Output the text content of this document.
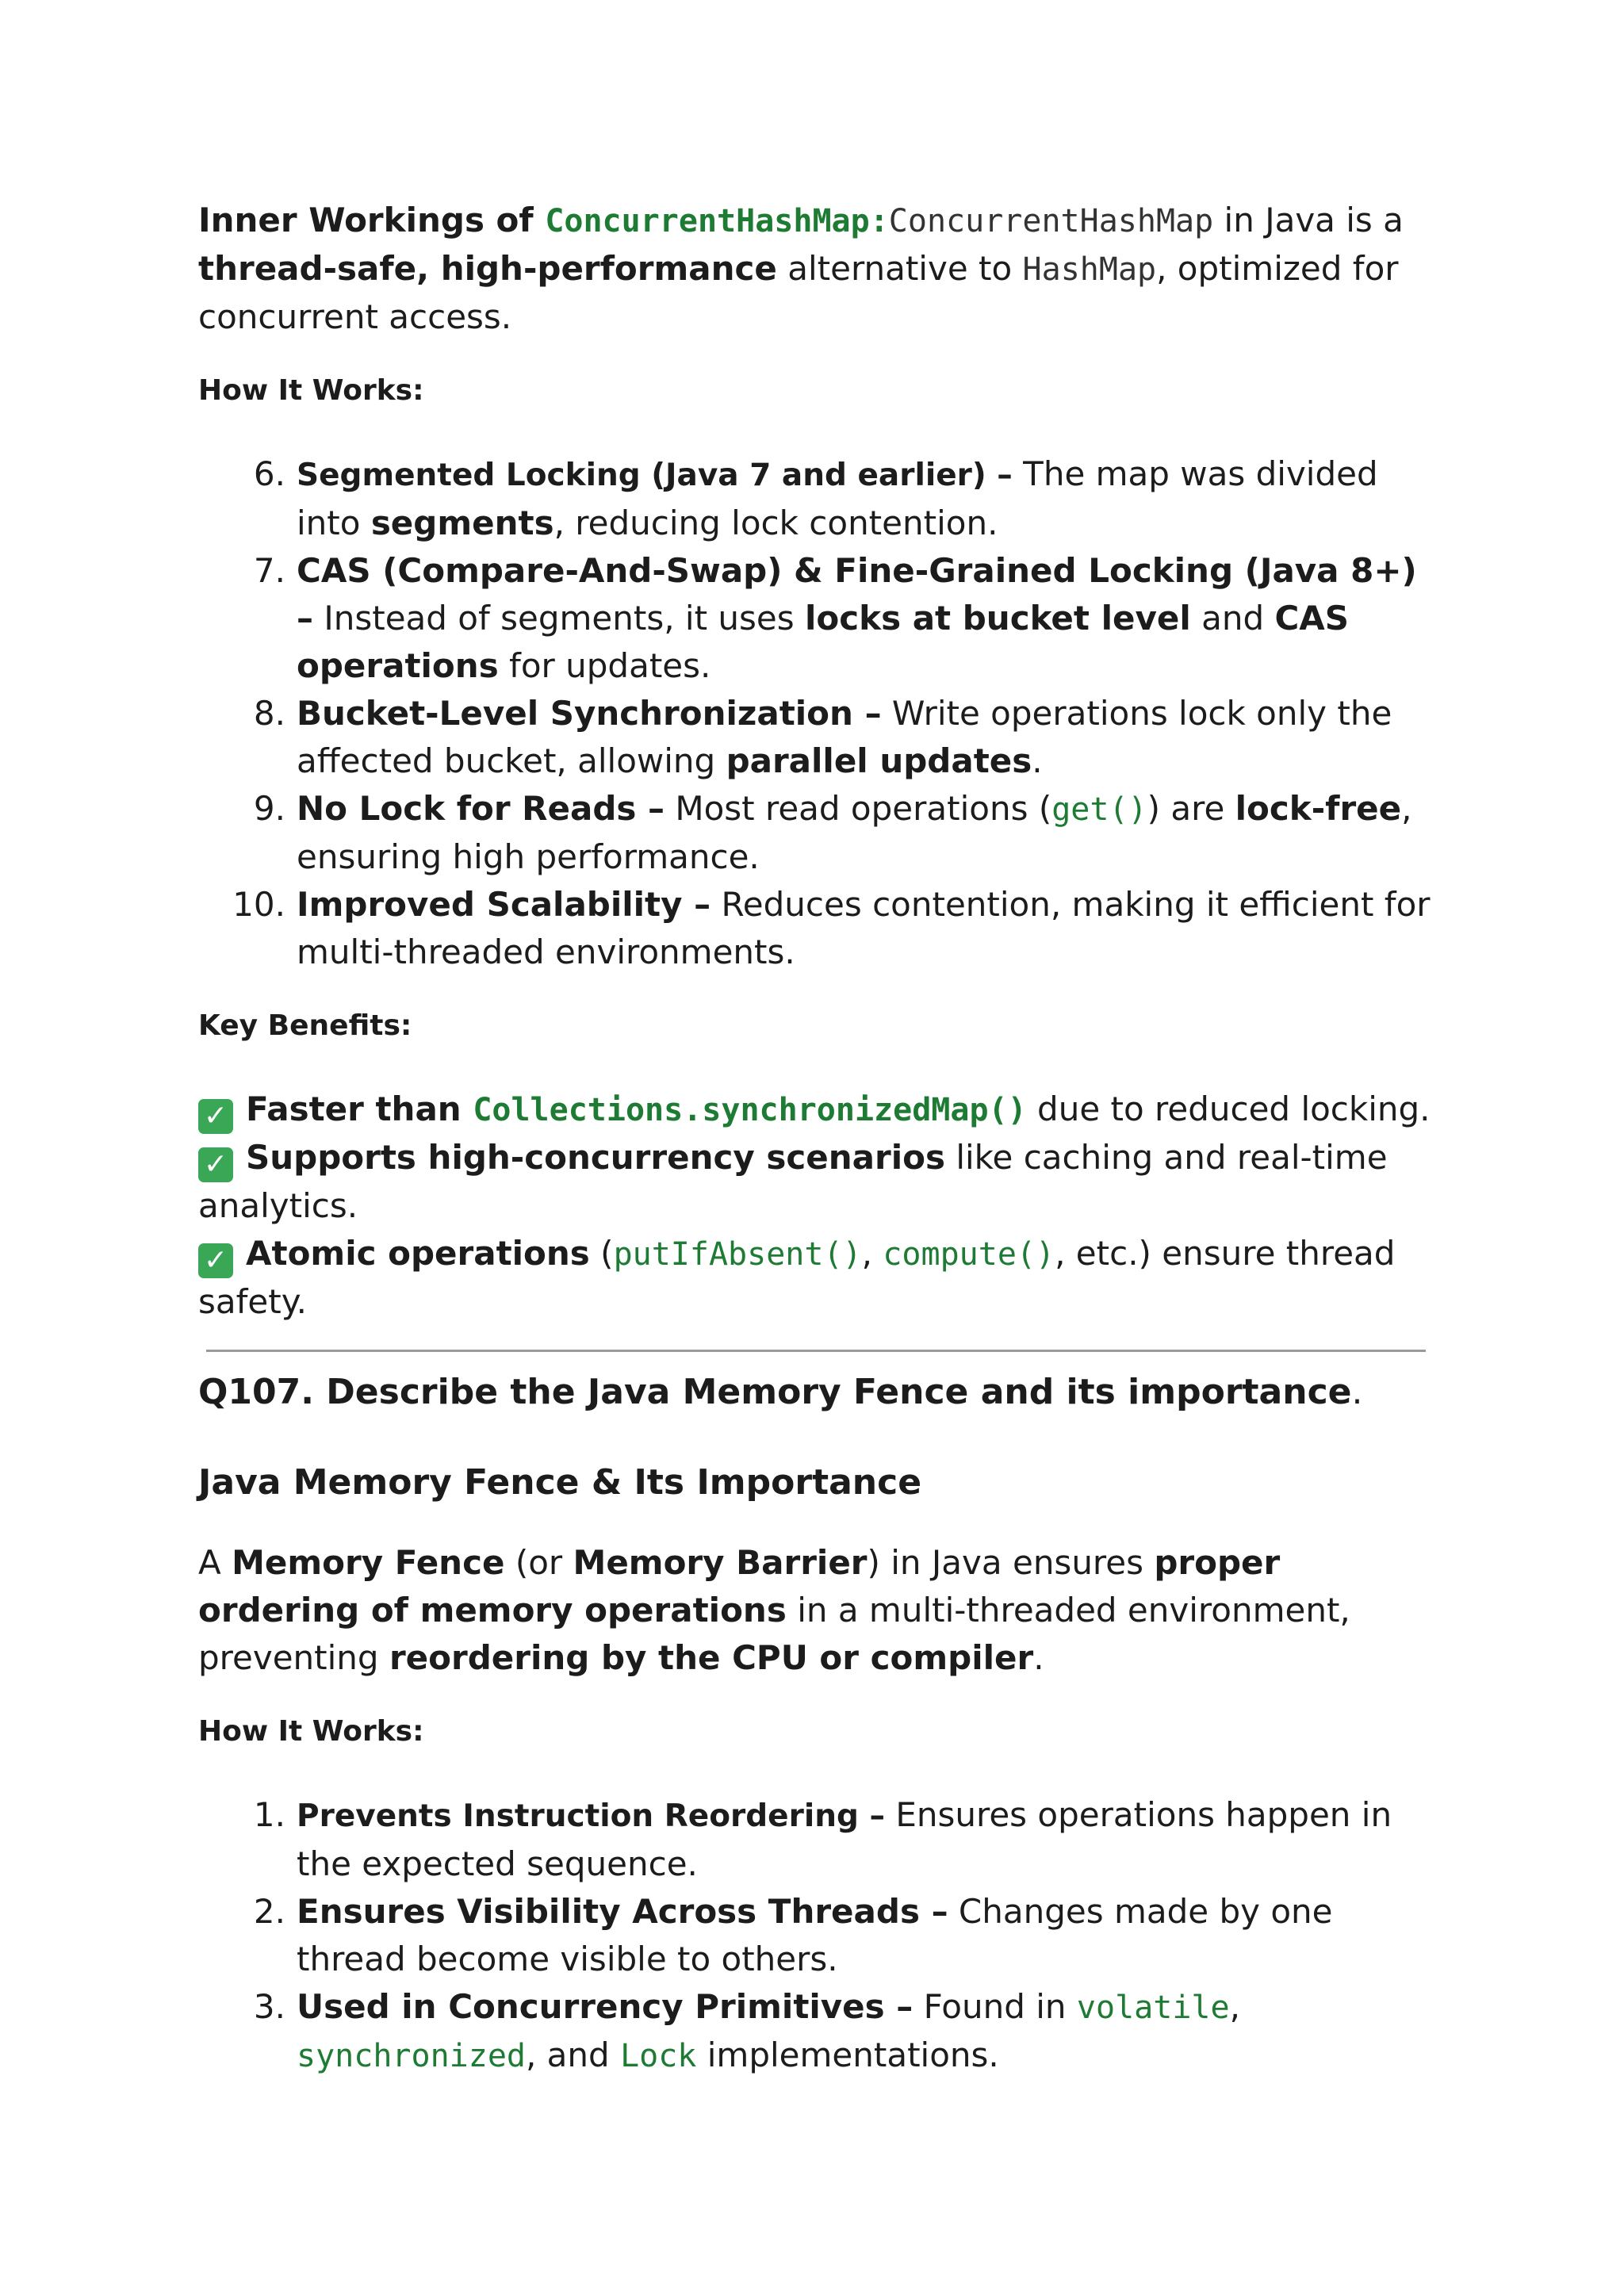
Inner Workings of ConcurrentHashMap:ConcurrentHashMap in Java is a thread-safe, high-performance alternative to HashMap, optimized for concurrent access.

How It Works:

6. Segmented Locking (Java 7 and earlier) – The map was divided into segments, reducing lock contention.
7. CAS (Compare-And-Swap) & Fine-Grained Locking (Java 8+) – Instead of segments, it uses locks at bucket level and CAS operations for updates.
8. Bucket-Level Synchronization – Write operations lock only the affected bucket, allowing parallel updates.
9. No Lock for Reads – Most read operations (get()) are lock-free, ensuring high performance.
10. Improved Scalability – Reduces contention, making it efficient for multi-threaded environments.

Key Benefits:

✓ Faster than Collections.synchronizedMap() due to reduced locking.

✓ Supports high-concurrency scenarios like caching and real-time analytics.

✓ Atomic operations (putIfAbsent(), compute(), etc.) ensure thread safety.

Q107. Describe the Java Memory Fence and its importance.

Java Memory Fence & Its Importance

A Memory Fence (or Memory Barrier) in Java ensures proper ordering of memory operations in a multi-threaded environment, preventing reordering by the CPU or compiler.

How It Works:

1. Prevents Instruction Reordering – Ensures operations happen in the expected sequence.
2. Ensures Visibility Across Threads – Changes made by one thread become visible to others.
3. Used in Concurrency Primitives – Found in volatile, synchronized, and Lock implementations.
